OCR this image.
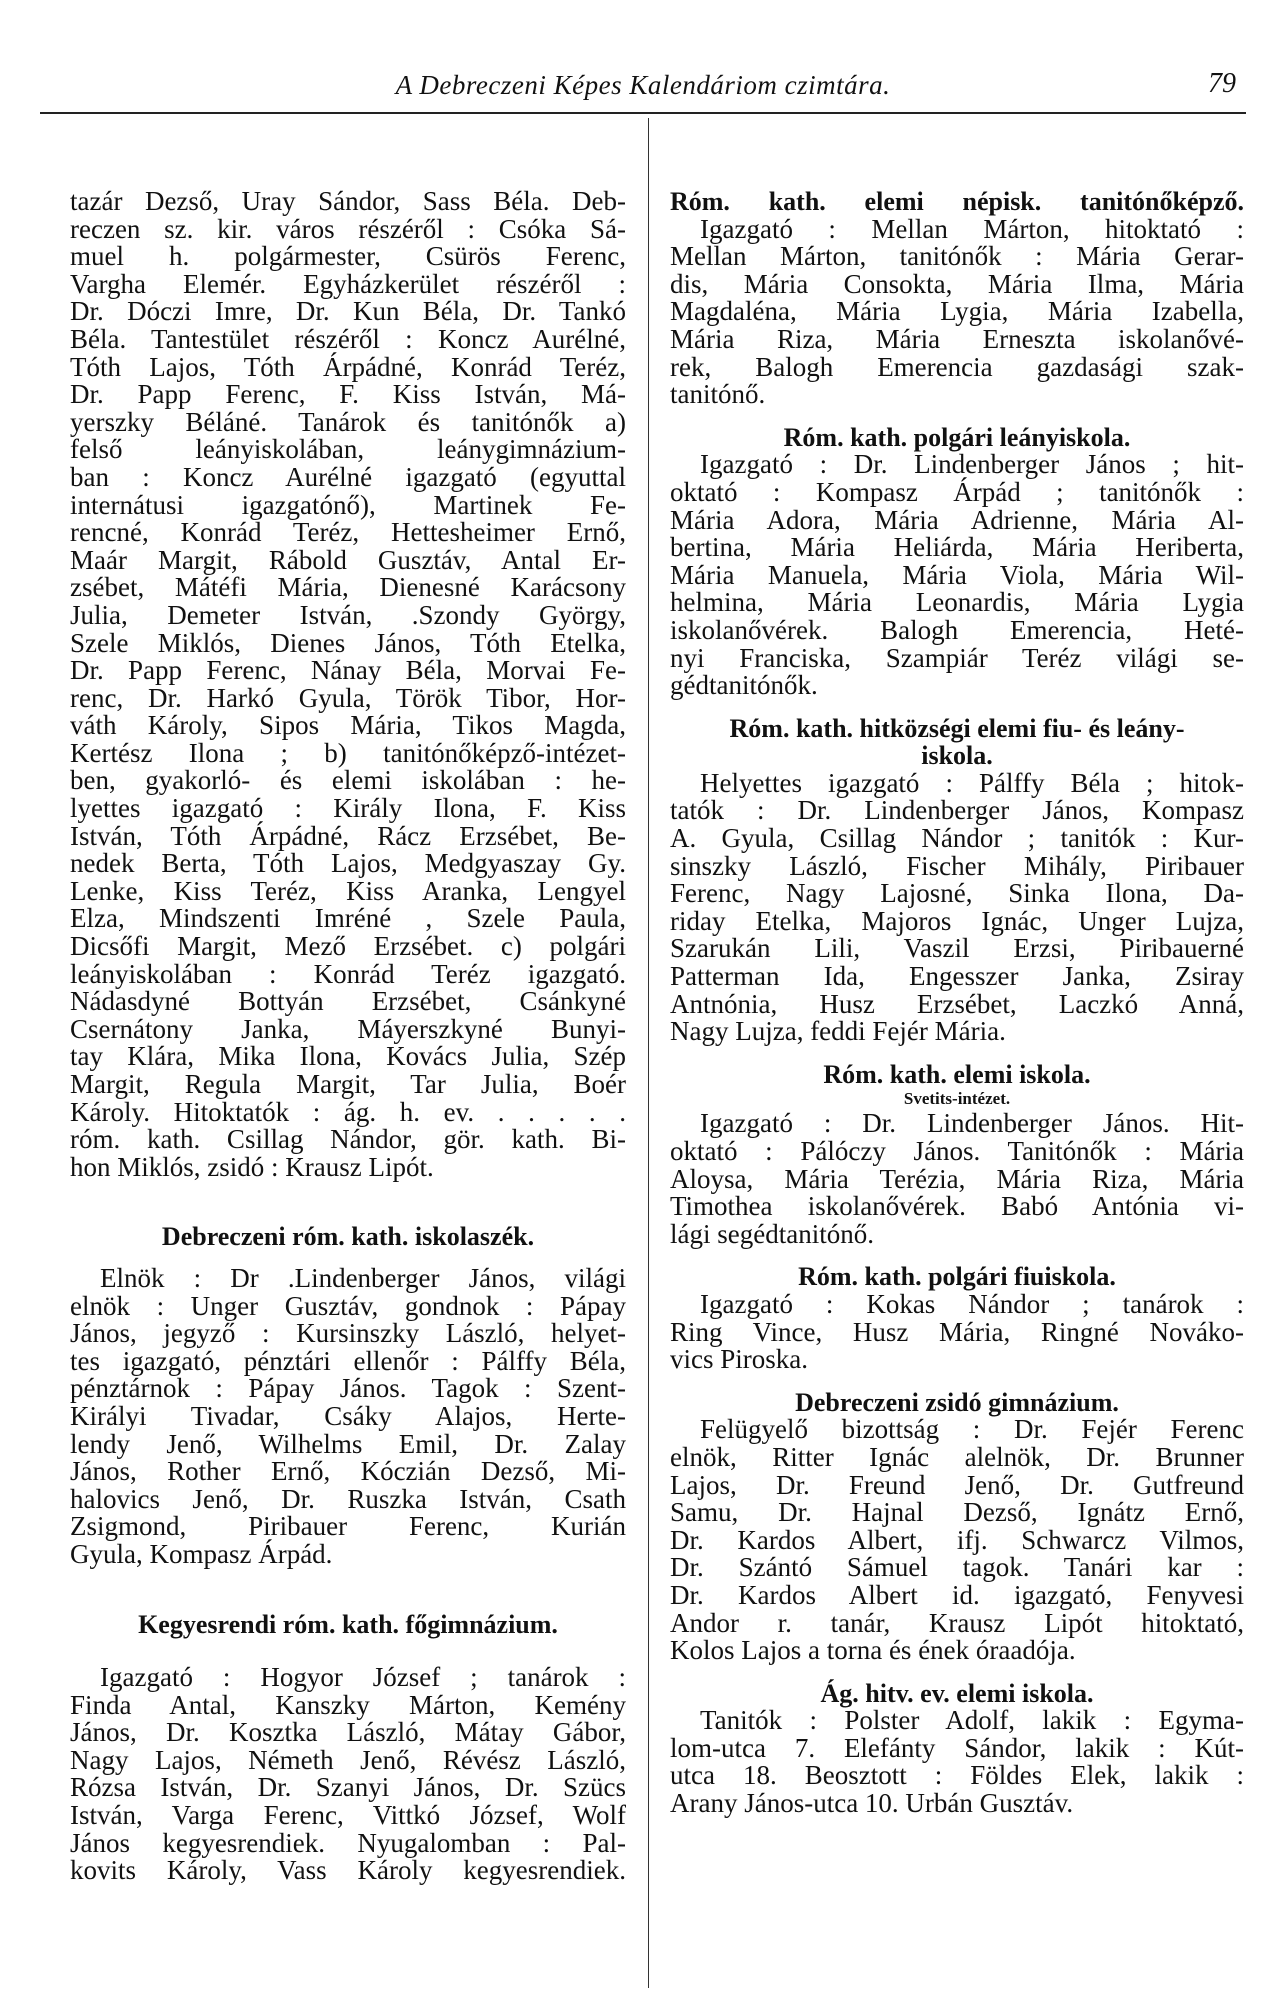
A Debreczeni Képes Kalendáriom czimtára.	79
tazár Dezső, Uray Sándor, Sass Béla. Deb-
reczen sz. kir. város részéről : Csóka Sá-
muel h. polgármester, Csürös Ferenc,
Vargha Elemér. Egyházkerület részéről :
Dr. Dóczi Imre, Dr. Kun Béla, Dr. Tankó
Béla. Tantestület részéről : Koncz Aurélné,
Tóth Lajos, Tóth Árpádné, Konrád Teréz,
Dr. Papp Ferenc, F. Kiss István, Má-
yerszky Béláné. Tanárok és tanitónők a)
felső leányiskolában, leánygimnázium-
ban : Koncz Aurélné igazgató (egyuttal
internátusi igazgatónő), Martinek Fe-
rencné, Konrád Teréz, Hettesheimer Ernő,
Maár Margit, Rábold Gusztáv, Antal Er-
zsébet, Mátéfi Mária, Dienesné Karácsony
Julia, Demeter István, .Szondy György,
Szele Miklós, Dienes János, Tóth Etelka,
Dr. Papp Ferenc, Nánay Béla, Morvai Fe-
renc, Dr. Harkó Gyula, Török Tibor, Hor-
váth Károly, Sipos Mária, Tikos Magda,
Kertész Ilona ; b) tanitónőképző-intézet-
ben, gyakorló- és elemi iskolában : he-
lyettes igazgató : Király Ilona, F. Kiss
István, Tóth Árpádné, Rácz Erzsébet, Be-
nedek Berta, Tóth Lajos, Medgyaszay Gy.
Lenke, Kiss Teréz, Kiss Aranka, Lengyel
Elza, Mindszenti Imréné , Szele Paula,
Dicsőfi Margit, Mező Erzsébet. c) polgári
leányiskolában : Konrád Teréz igazgató.
Nádasdyné Bottyán Erzsébet, Csánkyné
Csernátony Janka, Máyerszkyné Bunyi-
tay Klára, Mika Ilona, Kovács Julia, Szép
Margit, Regula Margit, Tar Julia, Boér
Károly. Hitoktatók : ág. h. ev. . . . . .
róm. kath. Csillag Nándor, gör. kath. Bi-
hon Miklós, zsidó : Krausz Lipót.
Debreczeni róm. kath. iskolaszék.
Elnök : Dr .Lindenberger János, világi
elnök : Unger Gusztáv, gondnok : Pápay
János, jegyző : Kursinszky László, helyet-
tes igazgató, pénztári ellenőr : Pálffy Béla,
pénztárnok : Pápay János. Tagok : Szent-
Királyi Tivadar, Csáky Alajos, Herte-
lendy Jenő, Wilhelms Emil, Dr. Zalay
János, Rother Ernő, Kóczián Dezső, Mi-
halovics Jenő, Dr. Ruszka István, Csath
Zsigmond, Piribauer Ferenc, Kurián
Gyula, Kompasz Árpád.
Kegyesrendi róm. kath. főgimnázium.
Igazgató : Hogyor József ; tanárok :
Finda Antal, Kanszky Márton, Kemény
János, Dr. Kosztka László, Mátay Gábor,
Nagy Lajos, Németh Jenő, Révész László,
Rózsa István, Dr. Szanyi János, Dr. Szücs
István, Varga Ferenc, Vittkó József, Wolf
János kegyesrendiek. Nyugalomban : Pal-
kovits Károly, Vass Károly kegyesrendiek.
Róm. kath. elemi népisk. tanitónőképző.
Igazgató : Mellan Márton, hitoktató :
Mellan Márton, tanitónők : Mária Gerar-
dis, Mária Consokta, Mária Ilma, Mária
Magdaléna, Mária Lygia, Mária Izabella,
Mária Riza, Mária Erneszta iskolanővé-
rek, Balogh Emerencia gazdasági szak-
tanitónő.
Róm. kath. polgári leányiskola.
Igazgató : Dr. Lindenberger János ; hit-
oktató : Kompasz Árpád ; tanitónők :
Mária Adora, Mária Adrienne, Mária Al-
bertina, Mária Heliárda, Mária Heriberta,
Mária Manuela, Mária Viola, Mária Wil-
helmina, Mária Leonardis, Mária Lygia
iskolanővérek. Balogh Emerencia, Heté-
nyi Franciska, Szampiár Teréz világi se-
gédtanitónők.
Róm. kath. hitközségi elemi fiu- és leány-
iskola.
Helyettes igazgató : Pálffy Béla ; hitok-
tatók : Dr. Lindenberger János, Kompasz
A. Gyula, Csillag Nándor ; tanitók : Kur-
sinszky László, Fischer Mihály, Piribauer
Ferenc, Nagy Lajosné, Sinka Ilona, Da-
riday Etelka, Majoros Ignác, Unger Lujza,
Szarukán Lili, Vaszil Erzsi, Piribauerné
Patterman Ida, Engesszer Janka, Zsiray
Antnónia, Husz Erzsébet, Laczkó Anná,
Nagy Lujza, feddi Fejér Mária.
Róm. kath. elemi iskola.
Svetits-intézet.
Igazgató : Dr. Lindenberger János. Hit-
oktató : Pálóczy János. Tanitónők : Mária
Aloysa, Mária Terézia, Mária Riza, Mária
Timothea iskolanővérek. Babó Antónia vi-
lági segédtanitónő.
Róm. kath. polgári fiuiskola.
Igazgató : Kokas Nándor ; tanárok :
Ring Vince, Husz Mária, Ringné Novákо-
vics Piroska.
Debreczeni zsidó gimnázium.
Felügyelő bizottság : Dr. Fejér Ferenc
elnök, Ritter Ignác alelnök, Dr. Brunner
Lajos, Dr. Freund Jenő, Dr. Gutfreund
Samu, Dr. Hajnal Dezső, Ignátz Ernő,
Dr. Kardos Albert, ifj. Schwarcz Vilmos,
Dr. Szántó Sámuel tagok. Tanári kar :
Dr. Kardos Albert id. igazgató, Fenyvesi
Andor r. tanár, Krausz Lipót hitoktató,
Kolos Lajos a torna és ének óraadója.
Ág. hitv. ev. elemi iskola.
Tanitók : Polster Adolf, lakik : Egyma-
lom-utca 7. Elefánty Sándor, lakik : Kút-
utca 18. Beosztott : Földes Elek, lakik :
Arany János-utca 10. Urbán Gusztáv.
